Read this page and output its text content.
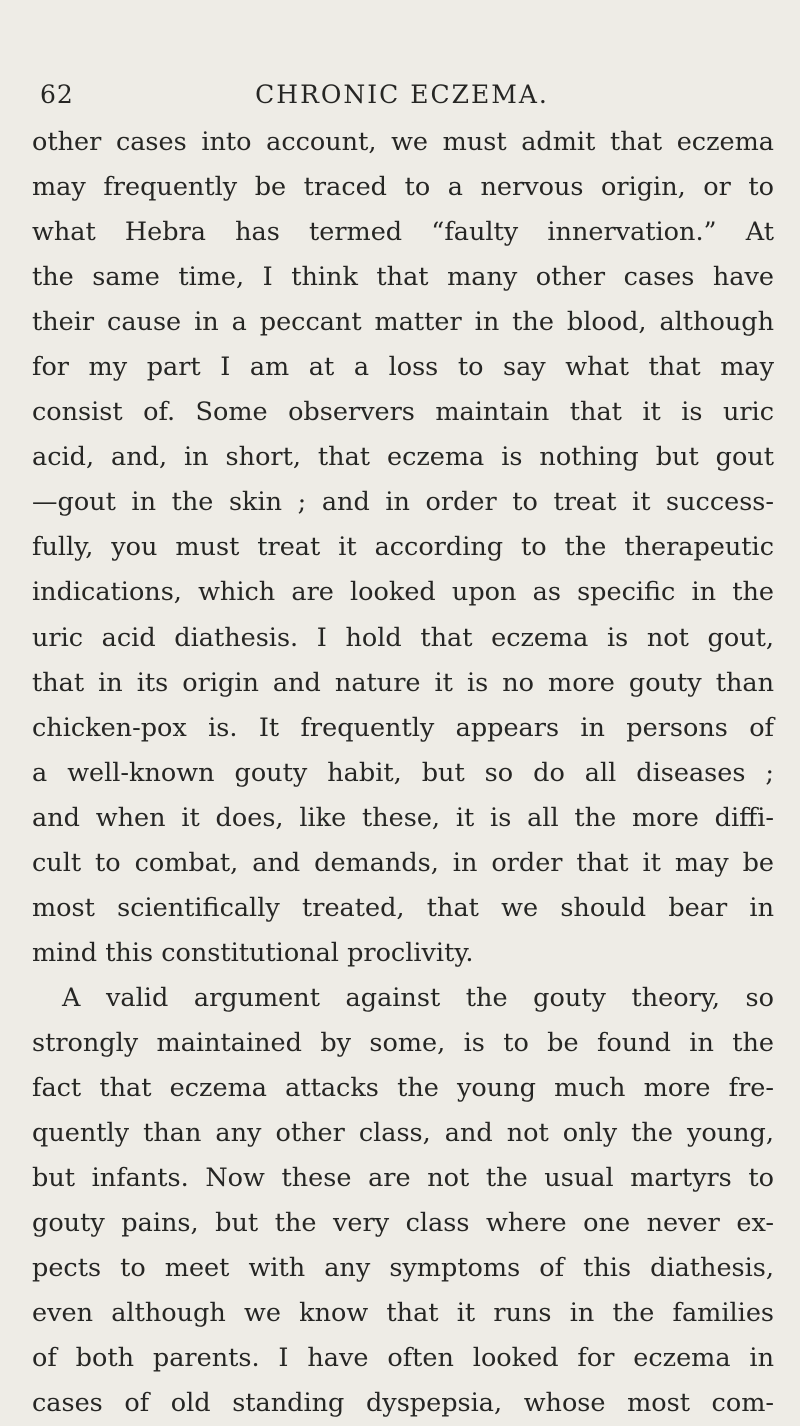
62	CHRONIC ECZEMA.
other cases into account, we must admit that eczema
may frequently be traced to a nervous origin, or to
what Hebra has termed “faulty innervation.” At
the same time, I think that many other cases have
their cause in a peccant matter in the blood, although
for my part I am at a loss to say what that may
consist of. Some observers maintain that it is uric
acid, and, in short, that eczema is nothing but gout
—gout in the skin ; and in order to treat it success-
fully, you must treat it according to the therapeutic
indications, which are looked upon as specific in the
uric acid diathesis. I hold that eczema is not gout,
that in its origin and nature it is no more gouty than
chicken-pox is. It frequently appears in persons of
a well-known gouty habit, but so do all diseases ;
and when it does, like these, it is all the more diffi-
cult to combat, and demands, in order that it may be
most scientifically treated, that we should bear in
mind this constitutional proclivity.
A valid argument against the gouty theory, so
strongly maintained by some, is to be found in the
fact that eczema attacks the young much more fre-
quently than any other class, and not only the young,
but infants. Now these are not the usual martyrs to
gouty pains, but the very class where one never ex-
pects to meet with any symptoms of this diathesis,
even although we know that it runs in the families
of both parents. I have often looked for eczema in
cases of old standing dyspepsia, whose most com-
